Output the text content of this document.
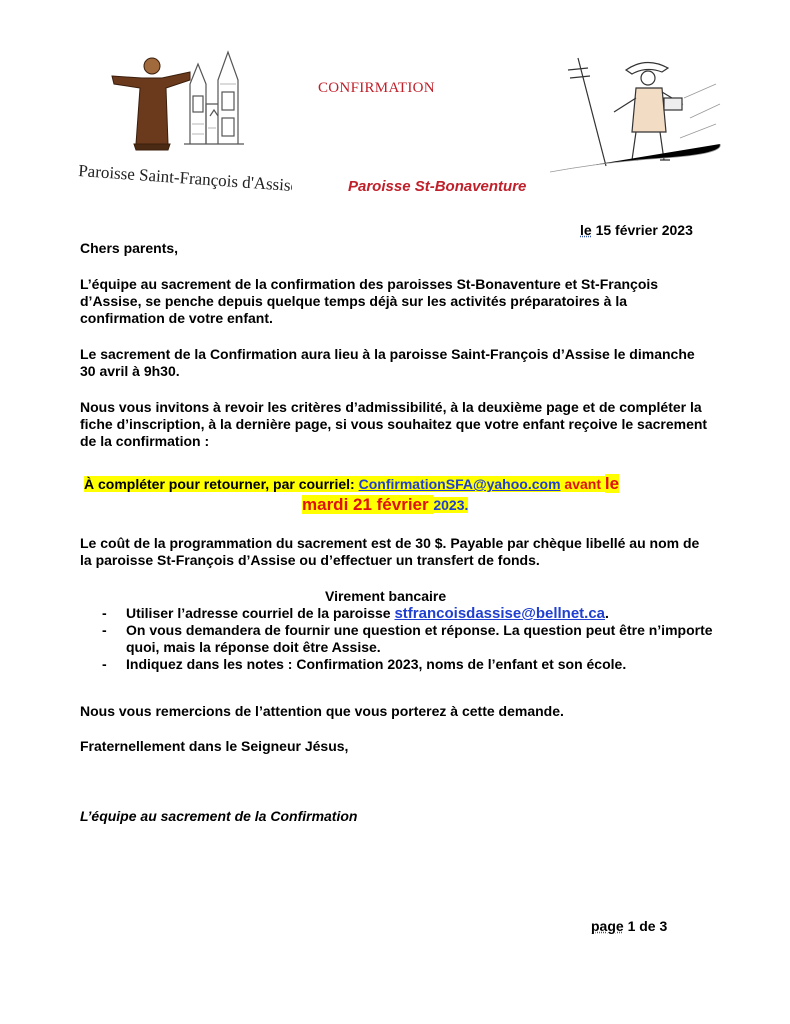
Paroisse Saint-François d'Assise
CONFIRMATION
Paroisse St-Bonaventure
le 15 février 2023
Chers parents,
L’équipe au sacrement de la confirmation des paroisses St-Bonaventure et St-François d’Assise, se penche depuis quelque temps déjà sur les activités préparatoires à la confirmation de votre enfant.
Le sacrement de la Confirmation aura lieu à la paroisse Saint-François d’Assise le dimanche 30 avril à 9h30.
Nous vous invitons à revoir les critères d’admissibilité, à la deuxième page et de compléter la fiche d’inscription, à la dernière page, si vous souhaitez que votre enfant reçoive le sacrement de la confirmation :
À compléter pour retourner, par courriel: ConfirmationSFA@yahoo.com avant le
mardi 21 février 2023.
Le coût de la programmation du sacrement est de 30 $. Payable par chèque libellé au nom de la paroisse St-François d’Assise ou d’effectuer un transfert de fonds.
Virement bancaire
- Utiliser l’adresse courriel de la paroisse stfrancoisdassise@bellnet.ca.
- On vous demandera de fournir une question et réponse. La question peut être n’importe quoi, mais la réponse doit être Assise.
- Indiquez dans les notes : Confirmation 2023, noms de l’enfant et son école.
Nous vous remercions de l’attention que vous porterez à cette demande.
Fraternellement dans le Seigneur Jésus,
L’équipe au sacrement de la Confirmation
page 1 de 3
